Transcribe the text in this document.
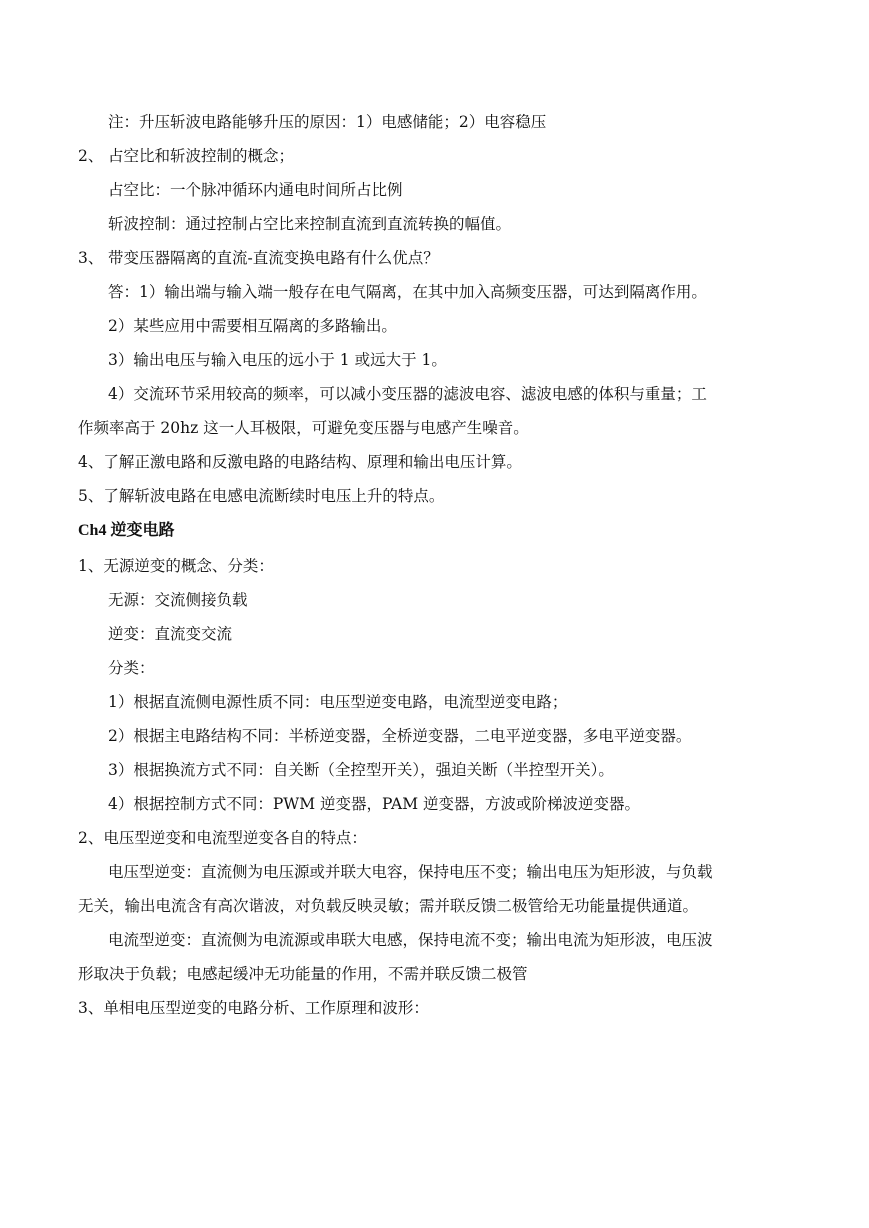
注：升压斩波电路能够升压的原因：1）电感储能；2）电容稳压
2、 占空比和斩波控制的概念；
占空比：一个脉冲循环内通电时间所占比例
斩波控制：通过控制占空比来控制直流到直流转换的幅值。
3、 带变压器隔离的直流-直流变换电路有什么优点？
答：1）输出端与输入端一般存在电气隔离，在其中加入高频变压器，可达到隔离作用。
2）某些应用中需要相互隔离的多路输出。
3）输出电压与输入电压的远小于 1 或远大于 1。
4）交流环节采用较高的频率，可以减小变压器的滤波电容、滤波电感的体积与重量；工
作频率高于 20hz 这一人耳极限，可避免变压器与电感产生噪音。
4、了解正激电路和反激电路的电路结构、原理和输出电压计算。
5、了解斩波电路在电感电流断续时电压上升的特点。
Ch4 逆变电路
1、无源逆变的概念、分类：
无源：交流侧接负载
逆变：直流变交流
分类：
1）根据直流侧电源性质不同：电压型逆变电路，电流型逆变电路；
2）根据主电路结构不同：半桥逆变器，全桥逆变器，二电平逆变器，多电平逆变器。
3）根据换流方式不同：自关断（全控型开关），强迫关断（半控型开关）。
4）根据控制方式不同：PWM 逆变器，PAM 逆变器，方波或阶梯波逆变器。
2、电压型逆变和电流型逆变各自的特点：
电压型逆变：直流侧为电压源或并联大电容，保持电压不变；输出电压为矩形波，与负载
无关，输出电流含有高次谐波，对负载反映灵敏；需并联反馈二极管给无功能量提供通道。
电流型逆变：直流侧为电流源或串联大电感，保持电流不变；输出电流为矩形波，电压波
形取决于负载；电感起缓冲无功能量的作用，不需并联反馈二极管
3、单相电压型逆变的电路分析、工作原理和波形：
